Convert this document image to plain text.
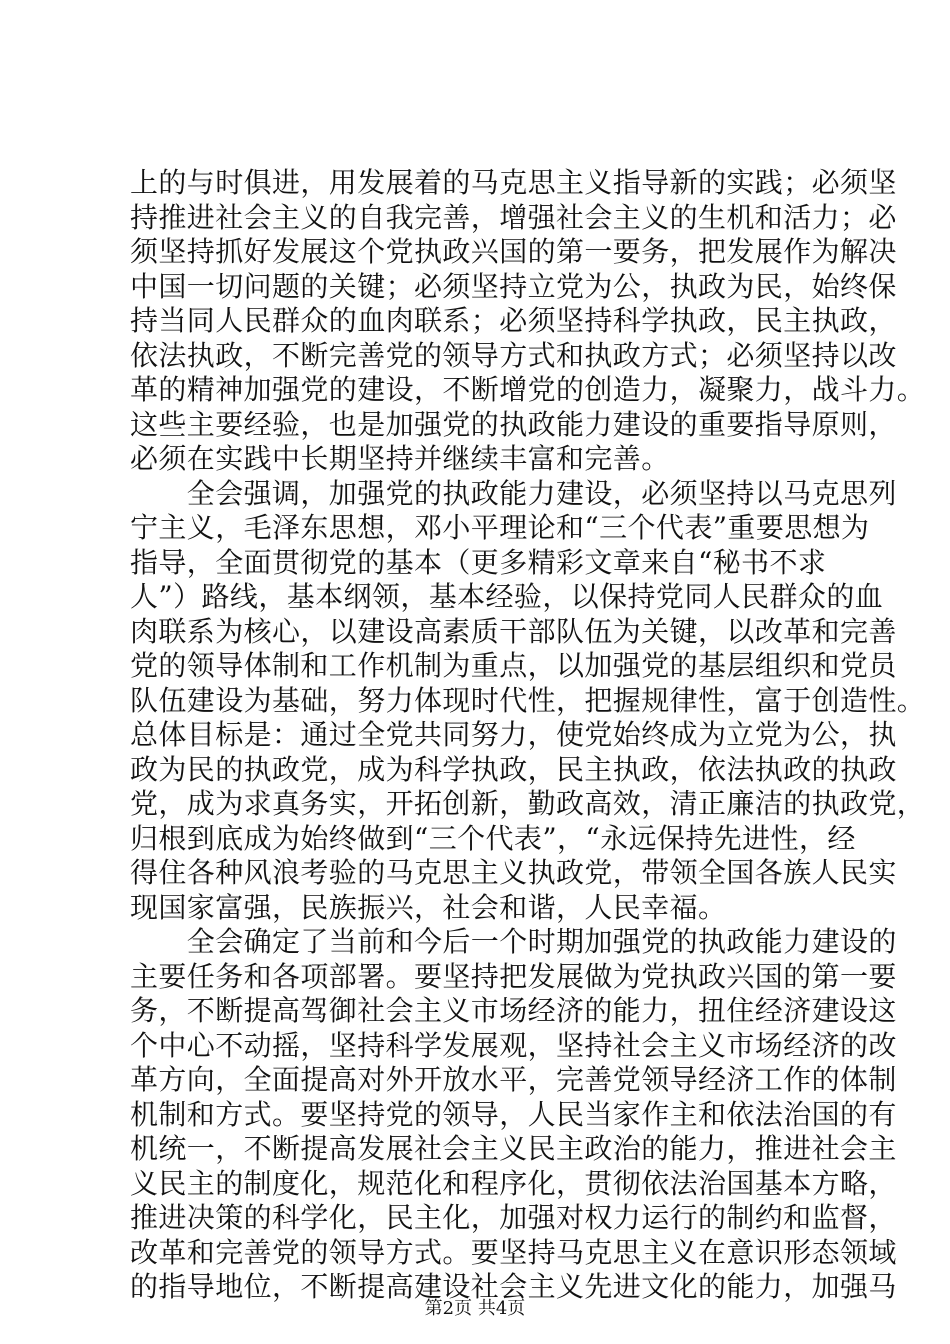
上的与时俱进，用发展着的马克思主义指导新的实践；必须坚
持推进社会主义的自我完善，增强社会主义的生机和活力；必
须坚持抓好发展这个党执政兴国的第一要务，把发展作为解决
中国一切问题的关键；必须坚持立党为公，执政为民，始终保
持当同人民群众的血肉联系；必须坚持科学执政，民主执政，
依法执政，不断完善党的领导方式和执政方式；必须坚持以改
革的精神加强党的建设，不断增党的创造力，凝聚力，战斗力。
这些主要经验，也是加强党的执政能力建设的重要指导原则，
必须在实践中长期坚持并继续丰富和完善。
　　全会强调，加强党的执政能力建设，必须坚持以马克思列
宁主义，毛泽东思想，邓小平理论和“三个代表”重要思想为
指导，全面贯彻党的基本（更多精彩文章来自“秘书不求
人”）路线，基本纲领，基本经验，以保持党同人民群众的血
肉联系为核心，以建设高素质干部队伍为关键，以改革和完善
党的领导体制和工作机制为重点，以加强党的基层组织和党员
队伍建设为基础，努力体现时代性，把握规律性，富于创造性。
总体目标是：通过全党共同努力，使党始终成为立党为公，执
政为民的执政党，成为科学执政，民主执政，依法执政的执政
党，成为求真务实，开拓创新，勤政高效，清正廉洁的执政党，
归根到底成为始终做到“三个代表”，“永远保持先进性，经
得住各种风浪考验的马克思主义执政党，带领全国各族人民实
现国家富强，民族振兴，社会和谐，人民幸福。
　　全会确定了当前和今后一个时期加强党的执政能力建设的
主要任务和各项部署。要坚持把发展做为党执政兴国的第一要
务，不断提高驾御社会主义市场经济的能力，扭住经济建设这
个中心不动摇，坚持科学发展观，坚持社会主义市场经济的改
革方向，全面提高对外开放水平，完善党领导经济工作的体制
机制和方式。要坚持党的领导，人民当家作主和依法治国的有
机统一，不断提高发展社会主义民主政治的能力，推进社会主
义民主的制度化，规范化和程序化，贯彻依法治国基本方略，
推进决策的科学化，民主化，加强对权力运行的制约和监督，
改革和完善党的领导方式。要坚持马克思主义在意识形态领域
的指导地位，不断提高建设社会主义先进文化的能力，加强马
第2页 共4页
